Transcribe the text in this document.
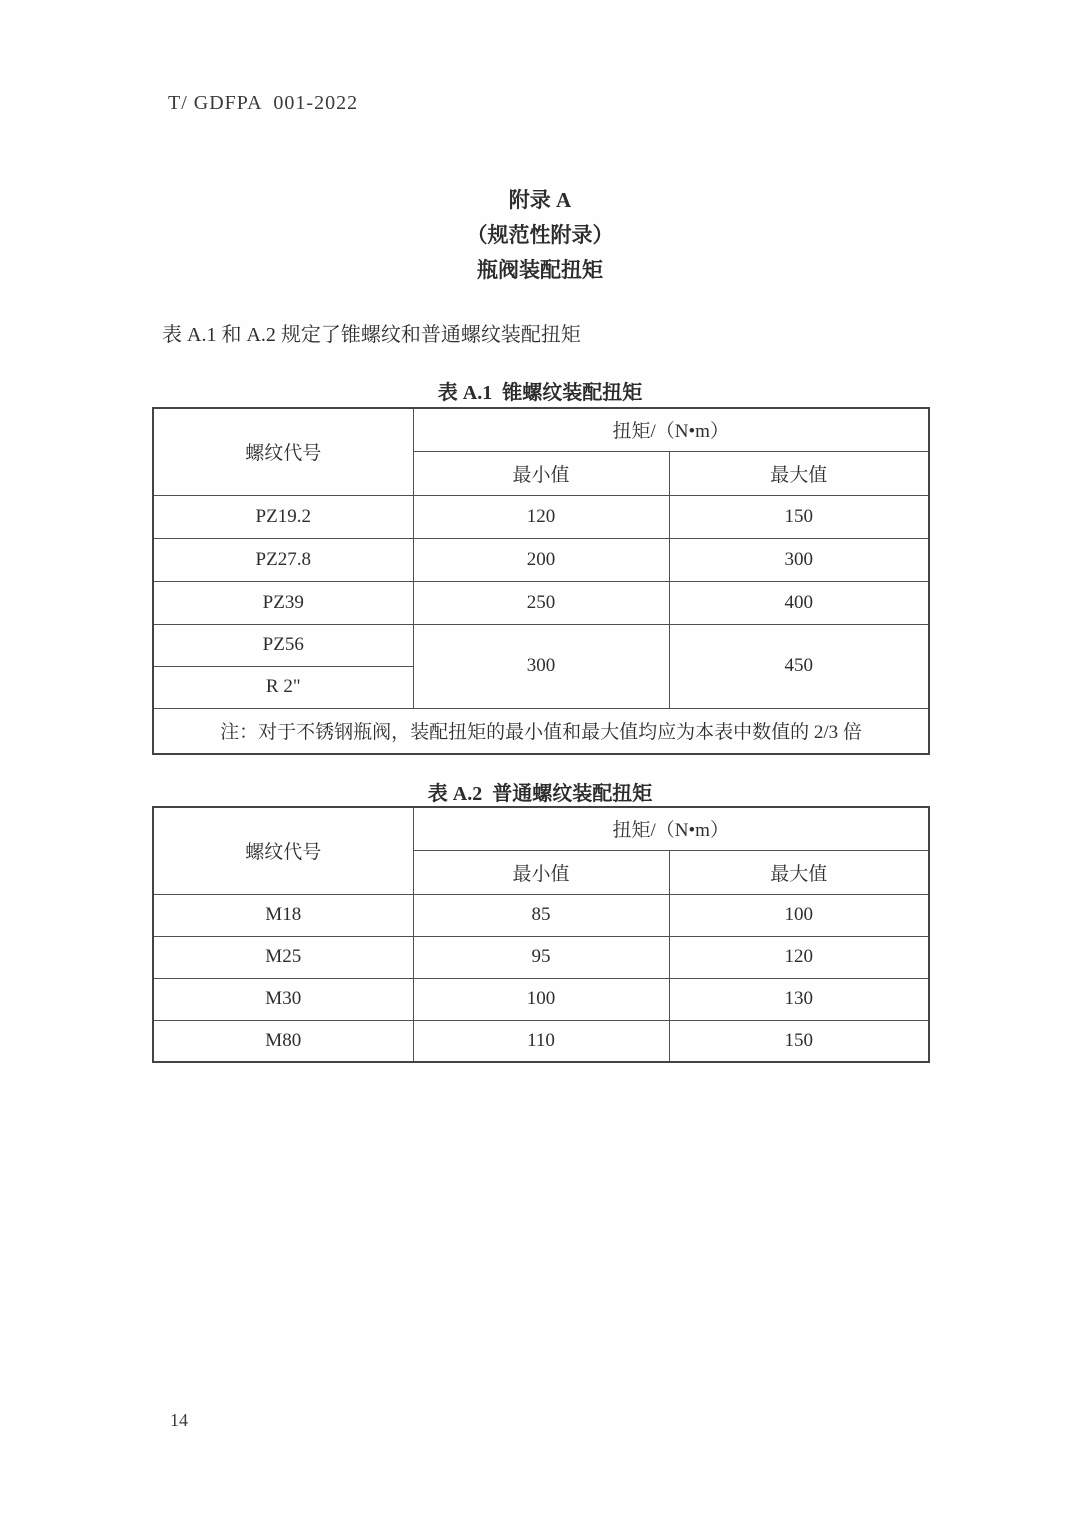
T/ GDFPA  001-2022
附录 A
（规范性附录）
瓶阀装配扭矩

表 A.1 和 A.2 规定了锥螺纹和普通螺纹装配扭矩

表 A.1  锥螺纹装配扭矩
螺纹代号	扭矩/（N•m）	
	最小值	最大值
PZ19.2	120	150
PZ27.8	200	300
PZ39	250	400
PZ56	300	450
R 2"		
注：对于不锈钢瓶阀，装配扭矩的最小值和最大值均应为本表中数值的 2/3 倍		
表 A.2  普通螺纹装配扭矩
螺纹代号	扭矩/（N•m）	
	最小值	最大值
M18	85	100
M25	95	120
M30	100	130
M80	110	150
14
